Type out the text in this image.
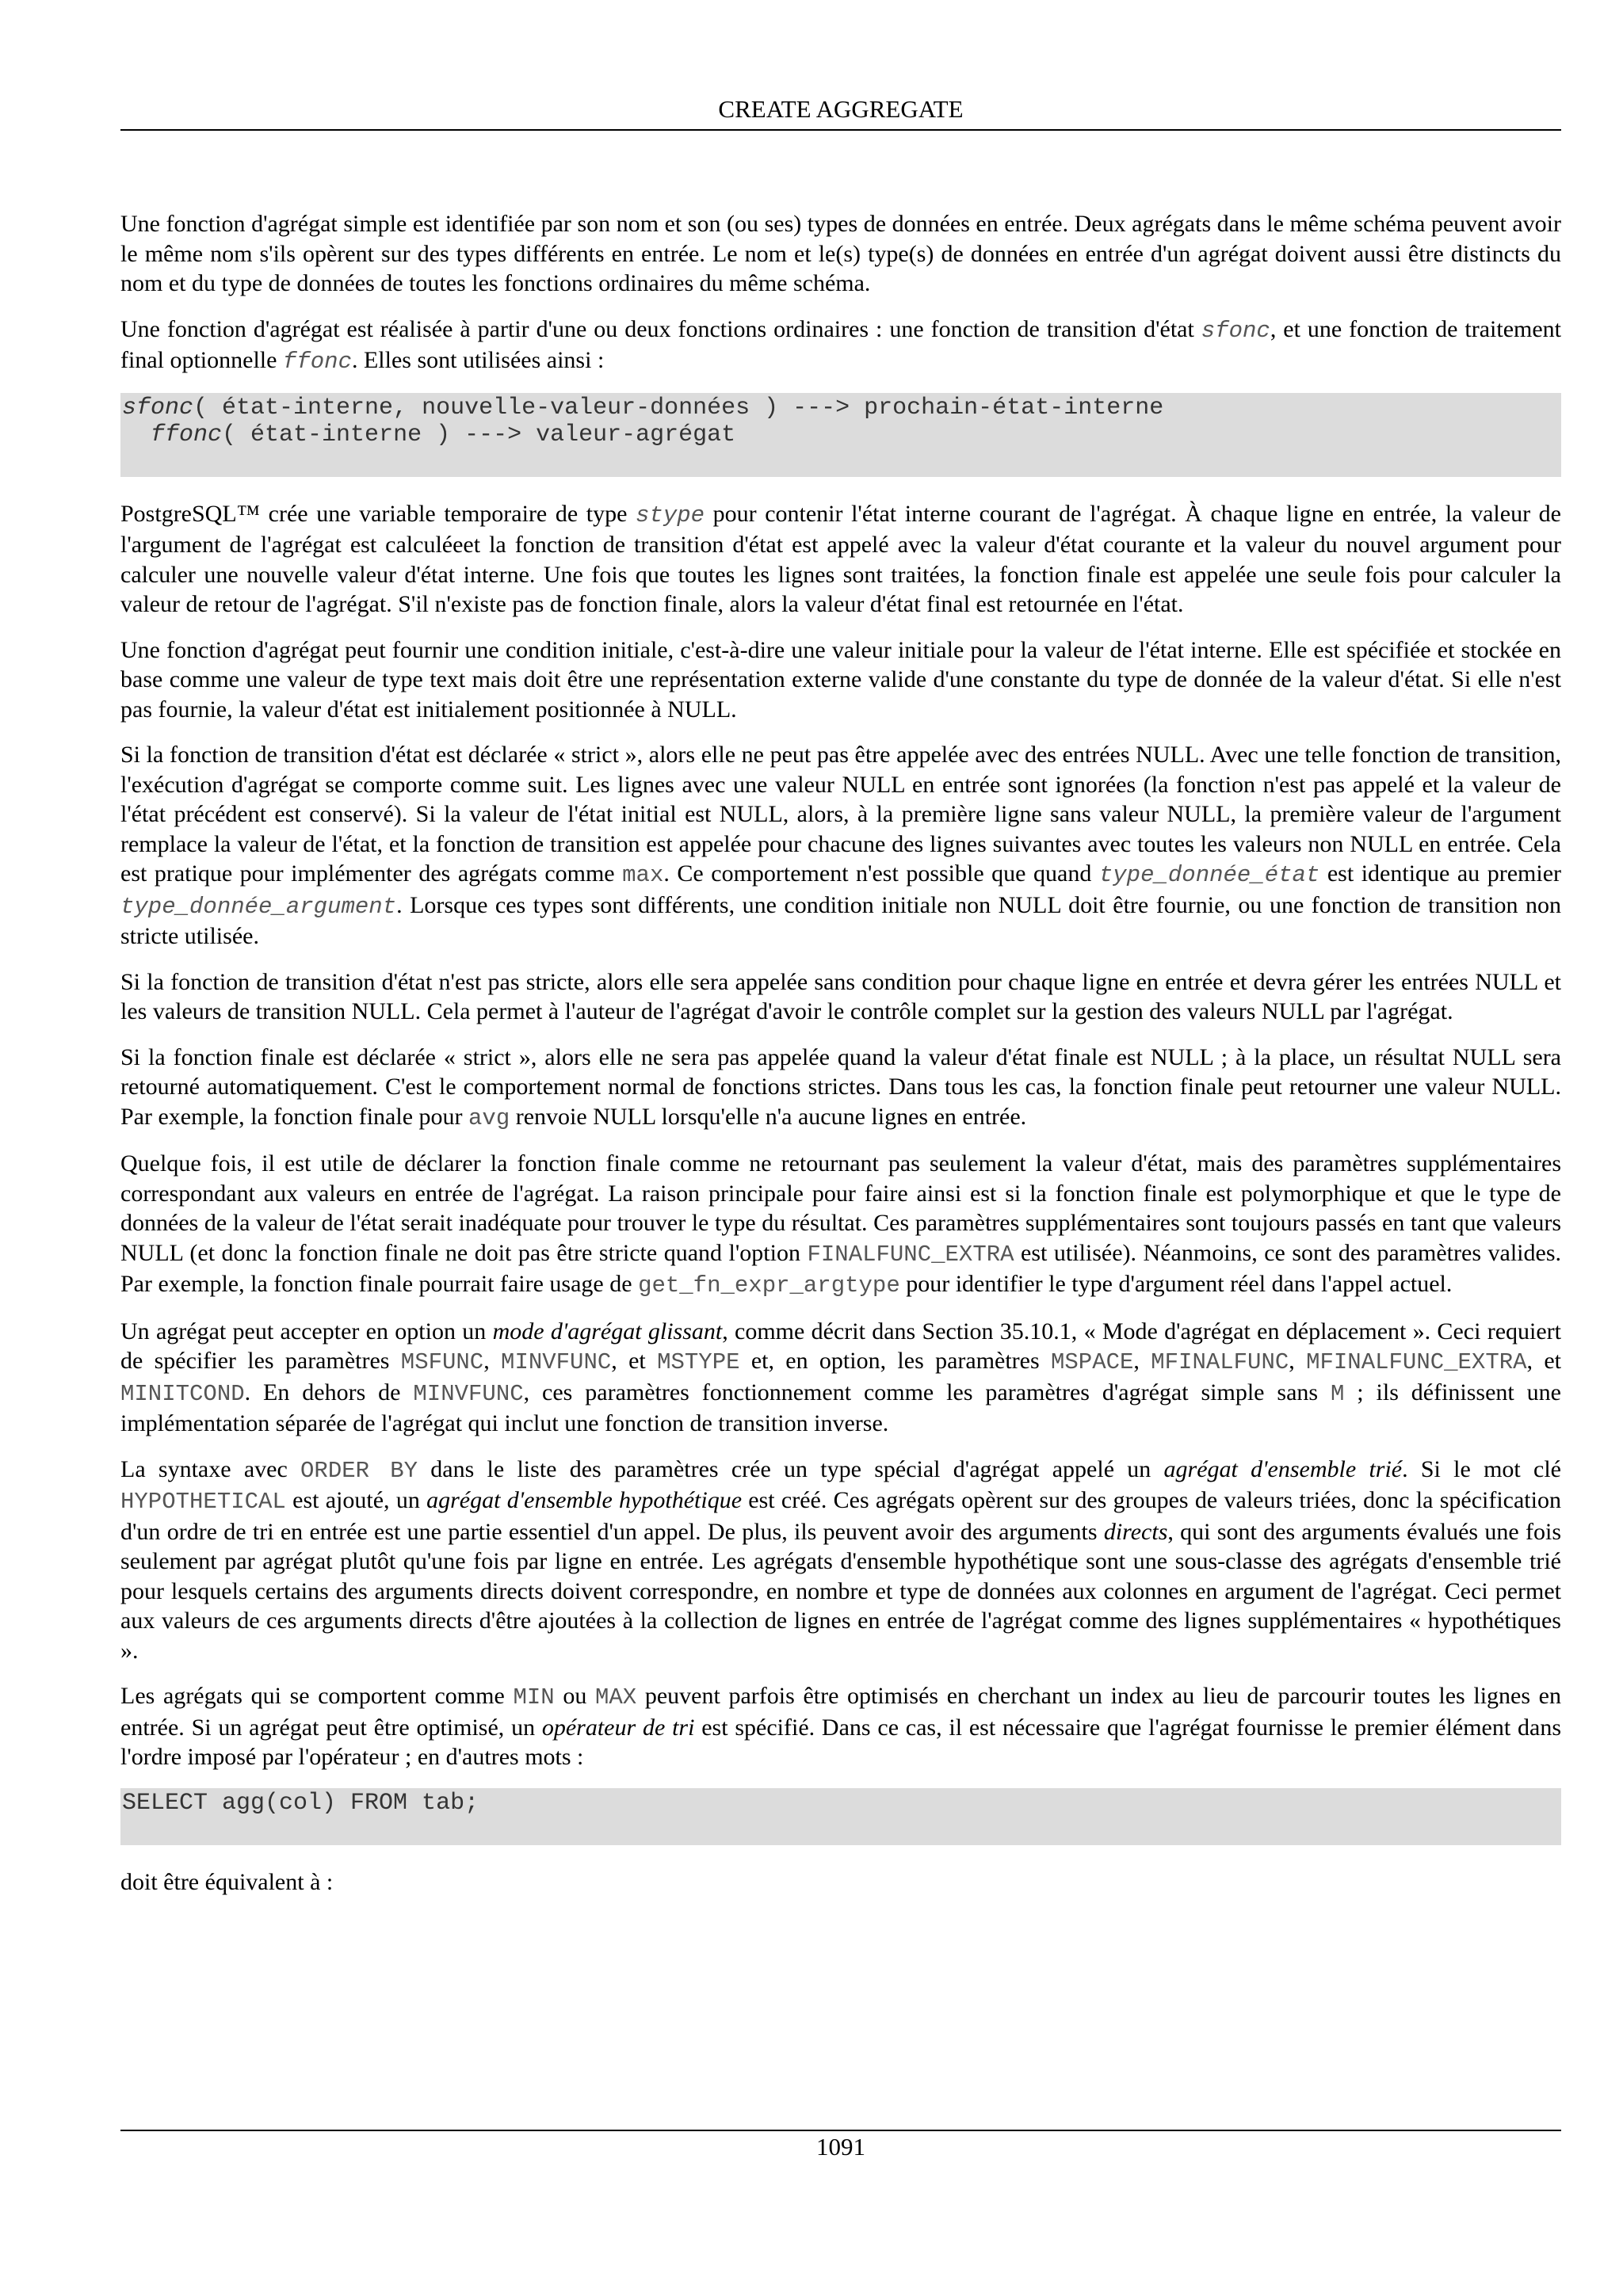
CREATE AGGREGATE

Une fonction d'agrégat simple est identifiée par son nom et son (ou ses) types de données en entrée. Deux agrégats dans le même schéma peuvent avoir le même nom s'ils opèrent sur des types différents en entrée. Le nom et le(s) type(s) de données en entrée d'un agrégat doivent aussi être distincts du nom et du type de données de toutes les fonctions ordinaires du même schéma.

Une fonction d'agrégat est réalisée à partir d'une ou deux fonctions ordinaires : une fonction de transition d'état sfonc, et une fonction de traitement final optionnelle ffonc. Elles sont utilisées ainsi :

sfonc( état-interne, nouvelle-valeur-données ) ---> prochain-état-interne
ffonc( état-interne ) ---> valeur-agrégat

PostgreSQL™ crée une variable temporaire de type stype pour contenir l'état interne courant de l'agrégat. À chaque ligne en entrée, la valeur de l'argument de l'agrégat est calculéeet la fonction de transition d'état est appelé avec la valeur d'état courante et la valeur du nouvel argument pour calculer une nouvelle valeur d'état interne. Une fois que toutes les lignes sont traitées, la fonction finale est appelée une seule fois pour calculer la valeur de retour de l'agrégat. S'il n'existe pas de fonction finale, alors la valeur d'état final est retournée en l'état.

Une fonction d'agrégat peut fournir une condition initiale, c'est-à-dire une valeur initiale pour la valeur de l'état interne. Elle est spécifiée et stockée en base comme une valeur de type text mais doit être une représentation externe valide d'une constante du type de donnée de la valeur d'état. Si elle n'est pas fournie, la valeur d'état est initialement positionnée à NULL.

Si la fonction de transition d'état est déclarée « strict », alors elle ne peut pas être appelée avec des entrées NULL. Avec une telle fonction de transition, l'exécution d'agrégat se comporte comme suit. Les lignes avec une valeur NULL en entrée sont ignorées (la fonction n'est pas appelé et la valeur de l'état précédent est conservé). Si la valeur de l'état initial est NULL, alors, à la première ligne sans valeur NULL, la première valeur de l'argument remplace la valeur de l'état, et la fonction de transition est appelée pour chacune des lignes suivantes avec toutes les valeurs non NULL en entrée. Cela est pratique pour implémenter des agrégats comme max. Ce comportement n'est possible que quand type_donnée_état est identique au premier type_donnée_argument. Lorsque ces types sont différents, une condition initiale non NULL doit être fournie, ou une fonction de transition non stricte utilisée.

Si la fonction de transition d'état n'est pas stricte, alors elle sera appelée sans condition pour chaque ligne en entrée et devra gérer les entrées NULL et les valeurs de transition NULL. Cela permet à l'auteur de l'agrégat d'avoir le contrôle complet sur la gestion des valeurs NULL par l'agrégat.

Si la fonction finale est déclarée « strict », alors elle ne sera pas appelée quand la valeur d'état finale est NULL ; à la place, un résultat NULL sera retourné automatiquement. C'est le comportement normal de fonctions strictes. Dans tous les cas, la fonction finale peut retourner une valeur NULL. Par exemple, la fonction finale pour avg renvoie NULL lorsqu'elle n'a aucune lignes en entrée.

Quelque fois, il est utile de déclarer la fonction finale comme ne retournant pas seulement la valeur d'état, mais des paramètres supplémentaires correspondant aux valeurs en entrée de l'agrégat. La raison principale pour faire ainsi est si la fonction finale est polymorphique et que le type de données de la valeur de l'état serait inadéquate pour trouver le type du résultat. Ces paramètres supplémentaires sont toujours passés en tant que valeurs NULL (et donc la fonction finale ne doit pas être stricte quand l'option FINALFUNC_EXTRA est utilisée). Néanmoins, ce sont des paramètres valides. Par exemple, la fonction finale pourrait faire usage de get_fn_expr_argtype pour identifier le type d'argument réel dans l'appel actuel.

Un agrégat peut accepter en option un mode d'agrégat glissant, comme décrit dans Section 35.10.1, « Mode d'agrégat en déplacement ». Ceci requiert de spécifier les paramètres MSFUNC, MINVFUNC, et MSTYPE et, en option, les paramètres MSPACE, MFINALFUNC, MFINALFUNC_EXTRA, et MINITCOND. En dehors de MINVFUNC, ces paramètres fonctionnement comme les paramètres d'agrégat simple sans M ; ils définissent une implémentation séparée de l'agrégat qui inclut une fonction de transition inverse.

La syntaxe avec ORDER BY dans le liste des paramètres crée un type spécial d'agrégat appelé un agrégat d'ensemble trié. Si le mot clé HYPOTHETICAL est ajouté, un agrégat d'ensemble hypothétique est créé. Ces agrégats opèrent sur des groupes de valeurs triées, donc la spécification d'un ordre de tri en entrée est une partie essentiel d'un appel. De plus, ils peuvent avoir des arguments directs, qui sont des arguments évalués une fois seulement par agrégat plutôt qu'une fois par ligne en entrée. Les agrégats d'ensemble hypothétique sont une sous-classe des agrégats d'ensemble trié pour lesquels certains des arguments directs doivent correspondre, en nombre et type de données aux colonnes en argument de l'agrégat. Ceci permet aux valeurs de ces arguments directs d'être ajoutées à la collection de lignes en entrée de l'agrégat comme des lignes supplémentaires « hypothétiques ».

Les agrégats qui se comportent comme MIN ou MAX peuvent parfois être optimisés en cherchant un index au lieu de parcourir toutes les lignes en entrée. Si un agrégat peut être optimisé, un opérateur de tri est spécifié. Dans ce cas, il est nécessaire que l'agrégat fournisse le premier élément dans l'ordre imposé par l'opérateur ; en d'autres mots :

SELECT agg(col) FROM tab;

doit être équivalent à :

1091
